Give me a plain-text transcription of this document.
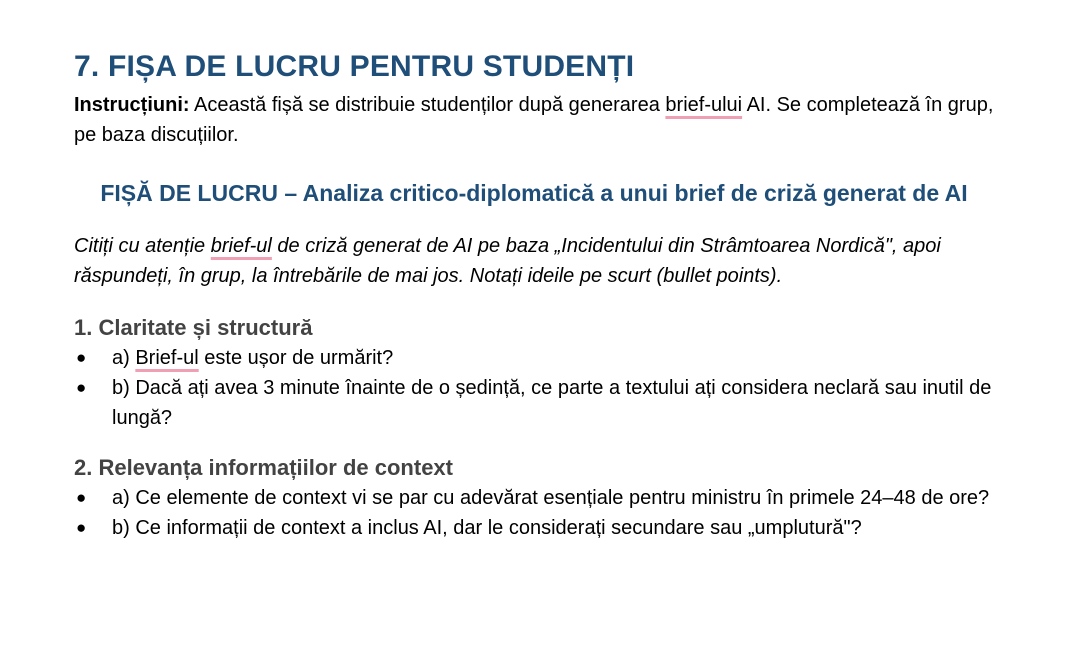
7. FIȘA DE LUCRU PENTRU STUDENȚI

Instrucțiuni: Această fișă se distribuie studenților după generarea brief-ului AI. Se completează în grup, pe baza discuțiilor.

FIȘĂ DE LUCRU – Analiza critico-diplomatică a unui brief de criză generat de AI

Citiți cu atenție brief-ul de criză generat de AI pe baza „Incidentului din Strâmtoarea Nordică", apoi răspundeți, în grup, la întrebările de mai jos. Notați ideile pe scurt (bullet points).

1. Claritate și structură
● a) Brief-ul este ușor de urmărit?
● b) Dacă ați avea 3 minute înainte de o ședință, ce parte a textului ați considera neclară sau inutil de lungă?
2. Relevanța informațiilor de context
● a) Ce elemente de context vi se par cu adevărat esențiale pentru ministru în primele 24–48 de ore?
● b) Ce informații de context a inclus AI, dar le considerați secundare sau „umplutură"?
